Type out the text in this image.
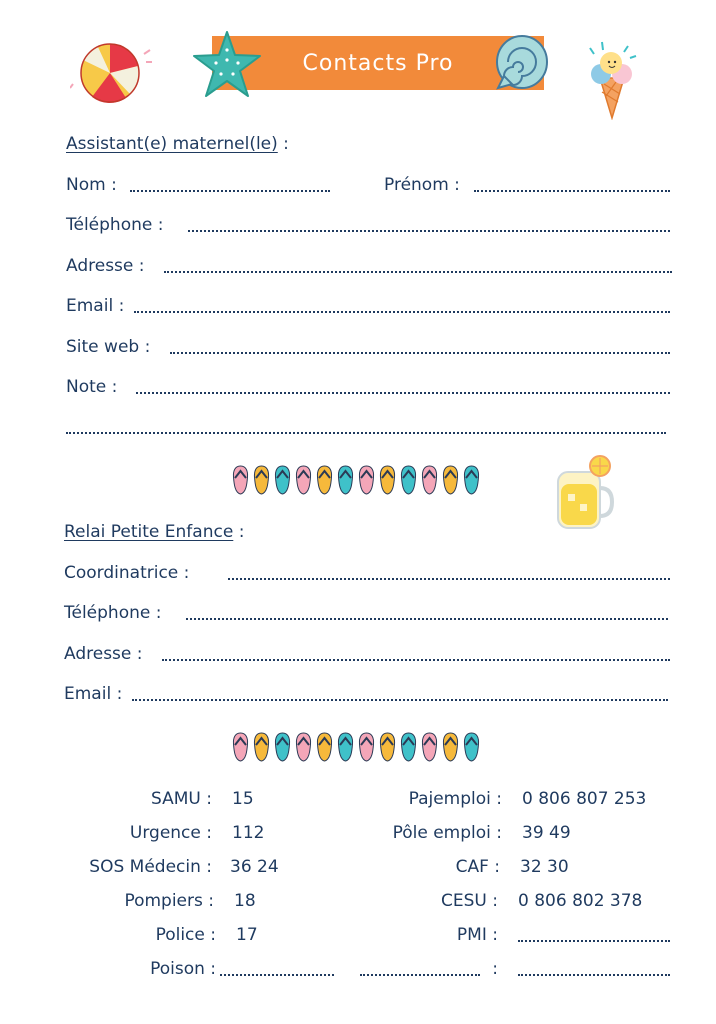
Contacts Pro
Assistant(e) maternel(le) :
Nom :	Prénom :
Téléphone :
Adresse :
Email :
Site web :
Note :
Relai Petite Enfance :
Coordinatrice :
Téléphone :
Adresse :
Email :
SAMU : 15
Urgence : 112
SOS Médecin : 36 24
Pompiers : 18
Police : 17
Poison :
Pajemploi : 0 806 807 253
Pôle emploi : 39 49
CAF : 32 30
CESU : 0 806 802 378
PMI :
:
